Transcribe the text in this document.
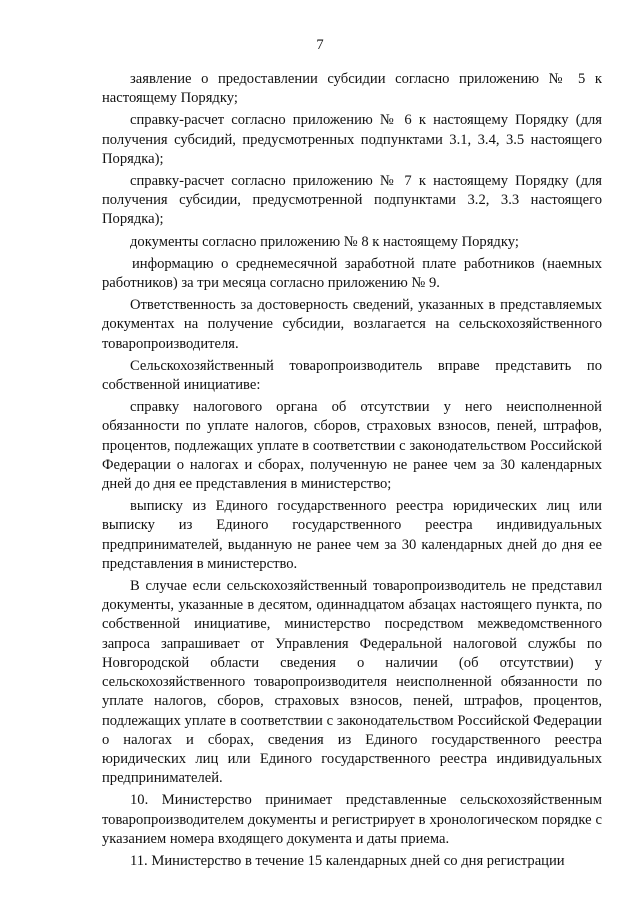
7

заявление о предоставлении субсидии согласно приложению № 5 к настоящему Порядку;

справку-расчет согласно приложению № 6 к настоящему Порядку (для получения субсидий, предусмотренных подпунктами 3.1, 3.4, 3.5 настоящего Порядка);

справку-расчет согласно приложению № 7 к настоящему Порядку (для получения субсидии, предусмотренной подпунктами 3.2, 3.3 настоящего Порядка);

документы согласно приложению № 8 к настоящему Порядку;

информацию о среднемесячной заработной плате работников (наемных работников) за три месяца согласно приложению № 9.

Ответственность за достоверность сведений, указанных в представляемых документах на получение субсидии, возлагается на сельскохозяйственного товаропроизводителя.

Сельскохозяйственный товаропроизводитель вправе представить по собственной инициативе:

справку налогового органа об отсутствии у него неисполненной обязанности по уплате налогов, сборов, страховых взносов, пеней, штрафов, процентов, подлежащих уплате в соответствии с законодательством Российской Федерации о налогах и сборах, полученную не ранее чем за 30 календарных дней до дня ее представления в министерство;

выписку из Единого государственного реестра юридических лиц или выписку из Единого государственного реестра индивидуальных предпринимателей, выданную не ранее чем за 30 календарных дней до дня ее представления в министерство.

В случае если сельскохозяйственный товаропроизводитель не представил документы, указанные в десятом, одиннадцатом абзацах настоящего пункта, по собственной инициативе, министерство посредством межведомственного запроса запрашивает от Управления Федеральной налоговой службы по Новгородской области сведения о наличии (об отсутствии) у сельскохозяйственного товаропроизводителя неисполненной обязанности по уплате налогов, сборов, страховых взносов, пеней, штрафов, процентов, подлежащих уплате в соответствии с законодательством Российской Федерации о налогах и сборах, сведения из Единого государственного реестра юридических лиц или Единого государственного реестра индивидуальных предпринимателей.

10. Министерство принимает представленные сельскохозяйственным товаропроизводителем документы и регистрирует в хронологическом порядке с указанием номера входящего документа и даты приема.

11. Министерство в течение 15 календарных дней со дня регистрации
